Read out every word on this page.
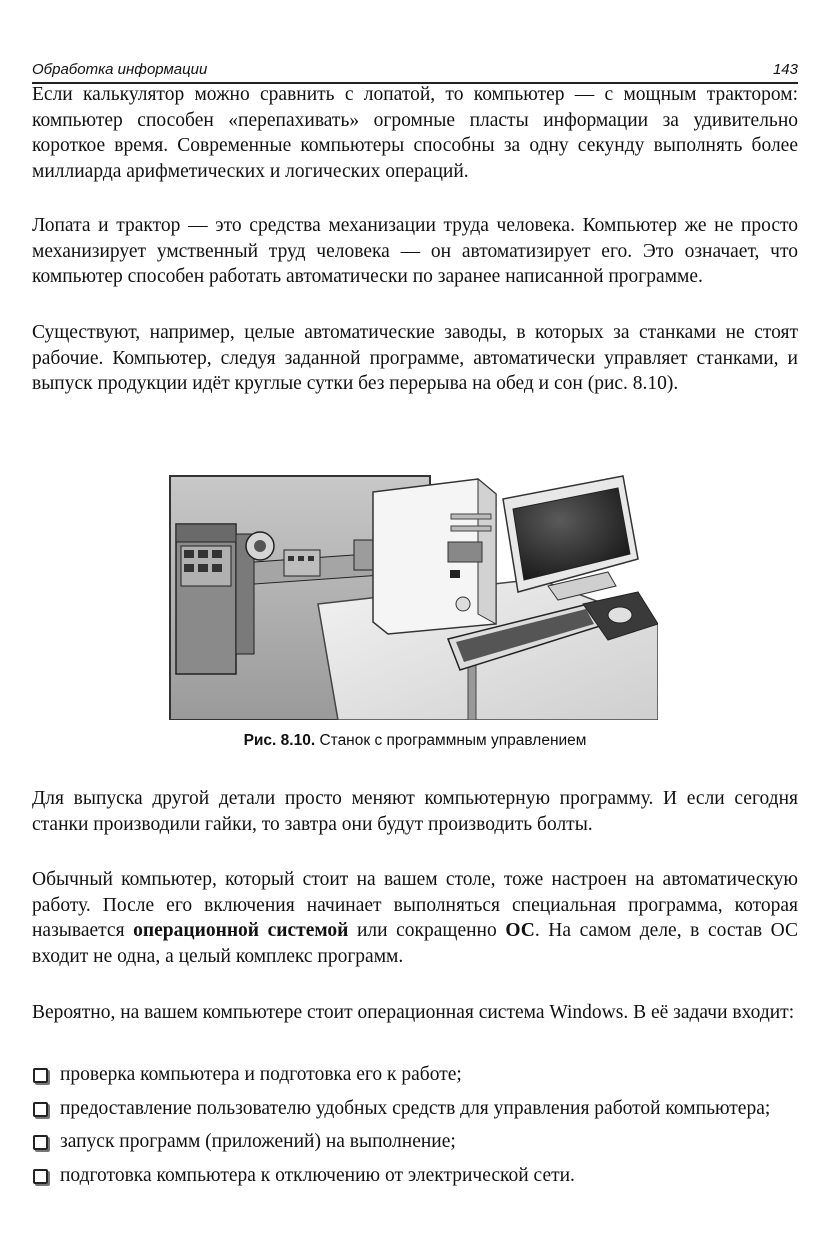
Обработка информации	143

Если калькулятор можно сравнить с лопатой, то компьютер — с мощным трактором: компьютер способен «перепахивать» огромные пласты информации за удивительно короткое время. Современные компьютеры способны за одну секунду выполнять более миллиарда арифметических и логических операций.

Лопата и трактор — это средства механизации труда человека. Компьютер же не просто механизирует умственный труд человека — он автоматизирует его. Это означает, что компьютер способен работать автоматически по заранее написанной программе.

Существуют, например, целые автоматические заводы, в которых за станками не стоят рабочие. Компьютер, следуя заданной программе, автоматически управляет станками, и выпуск продукции идёт круглые сутки без перерыва на обед и сон (рис. 8.10).

Рис. 8.10. Станок с программным управлением

Для выпуска другой детали просто меняют компьютерную программу. И если сегодня станки производили гайки, то завтра они будут производить болты.

Обычный компьютер, который стоит на вашем столе, тоже настроен на автоматическую работу. После его включения начинает выполняться специальная программа, которая называется операционной системой или сокращенно ОС. На самом деле, в состав ОС входит не одна, а целый комплекс программ.

Вероятно, на вашем компьютере стоит операционная система Windows. В её задачи входит:

проверка компьютера и подготовка его к работе;
предоставление пользователю удобных средств для управления работой компьютера;
запуск программ (приложений) на выполнение;
подготовка компьютера к отключению от электрической сети.
